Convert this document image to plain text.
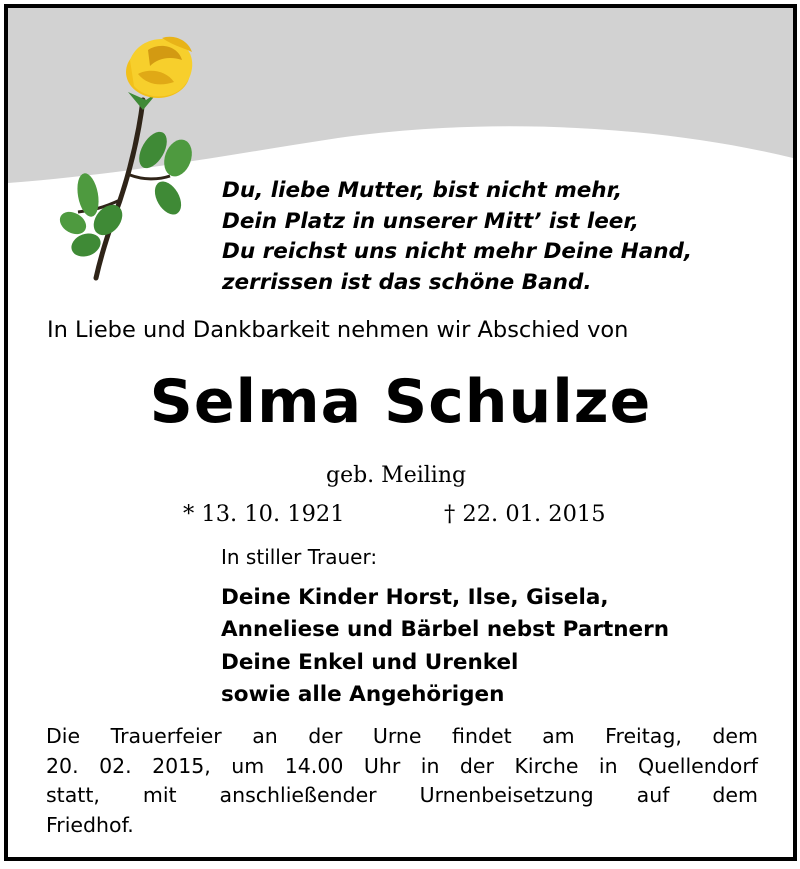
Du, liebe Mutter, bist nicht mehr,
Dein Platz in unserer Mitt’ ist leer,
Du reichst uns nicht mehr Deine Hand,
zerrissen ist das schöne Band.
In Liebe und Dankbarkeit nehmen wir Abschied von
Selma Schulze
geb. Meiling
* 13. 10. 1921	† 22. 01. 2015
In stiller Trauer:
Deine Kinder Horst, Ilse, Gisela,
Anneliese und Bärbel nebst Partnern
Deine Enkel und Urenkel
sowie alle Angehörigen
Die Trauerfeier an der Urne findet am Freitag, dem
20. 02. 2015, um 14.00 Uhr in der Kirche in Quellendorf
statt, mit anschließender Urnenbeisetzung auf dem
Friedhof.
